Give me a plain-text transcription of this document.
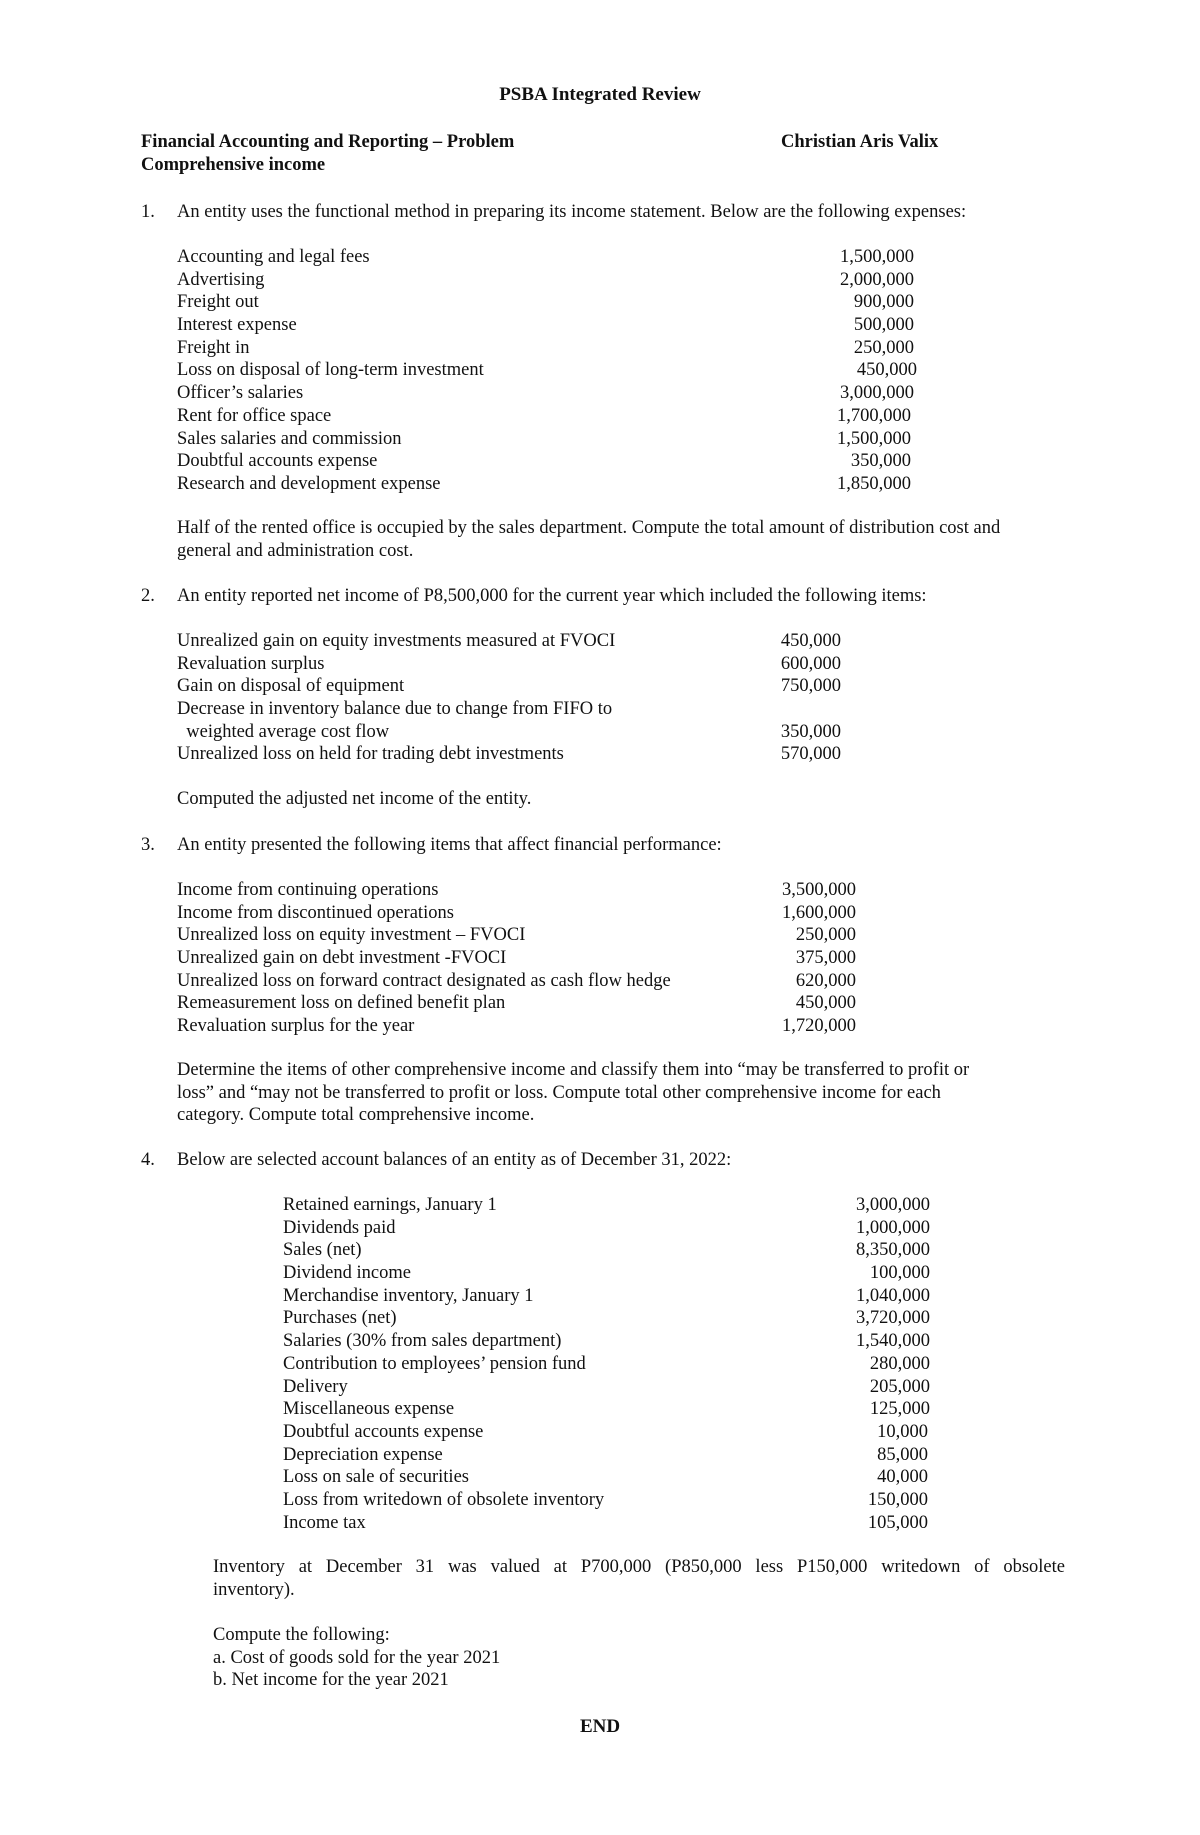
PSBA Integrated Review
Financial Accounting and Reporting – Problem
Comprehensive income
Christian Aris Valix
1. An entity uses the functional method in preparing its income statement. Below are the following expenses:
Accounting and legal fees	1,500,000
Advertising	2,000,000
Freight out	900,000
Interest expense	500,000
Freight in	250,000
Loss on disposal of long-term investment	450,000
Officer’s salaries	3,000,000
Rent for office space	1,700,000
Sales salaries and commission	1,500,000
Doubtful accounts expense	350,000
Research and development expense	1,850,000
Half of the rented office is occupied by the sales department. Compute the total amount of distribution cost and
general and administration cost.
2. An entity reported net income of P8,500,000 for the current year which included the following items:
Unrealized gain on equity investments measured at FVOCI	450,000
Revaluation surplus	600,000
Gain on disposal of equipment	750,000
Decrease in inventory balance due to change from FIFO to
weighted average cost flow	350,000
Unrealized loss on held for trading debt investments	570,000
Computed the adjusted net income of the entity.
3. An entity presented the following items that affect financial performance:
Income from continuing operations	3,500,000
Income from discontinued operations	1,600,000
Unrealized loss on equity investment – FVOCI	250,000
Unrealized gain on debt investment -FVOCI	375,000
Unrealized loss on forward contract designated as cash flow hedge	620,000
Remeasurement loss on defined benefit plan	450,000
Revaluation surplus for the year	1,720,000
Determine the items of other comprehensive income and classify them into “may be transferred to profit or
loss” and “may not be transferred to profit or loss. Compute total other comprehensive income for each
category. Compute total comprehensive income.
4. Below are selected account balances of an entity as of December 31, 2022:
Retained earnings, January 1	3,000,000
Dividends paid	1,000,000
Sales (net)	8,350,000
Dividend income	100,000
Merchandise inventory, January 1	1,040,000
Purchases (net)	3,720,000
Salaries (30% from sales department)	1,540,000
Contribution to employees’ pension fund	280,000
Delivery	205,000
Miscellaneous expense	125,000
Doubtful accounts expense	10,000
Depreciation expense	85,000
Loss on sale of securities	40,000
Loss from writedown of obsolete inventory	150,000
Income tax	105,000
Inventory at December 31 was valued at P700,000 (P850,000 less P150,000 writedown of obsolete
inventory).
Compute the following:
a. Cost of goods sold for the year 2021
b. Net income for the year 2021
END
